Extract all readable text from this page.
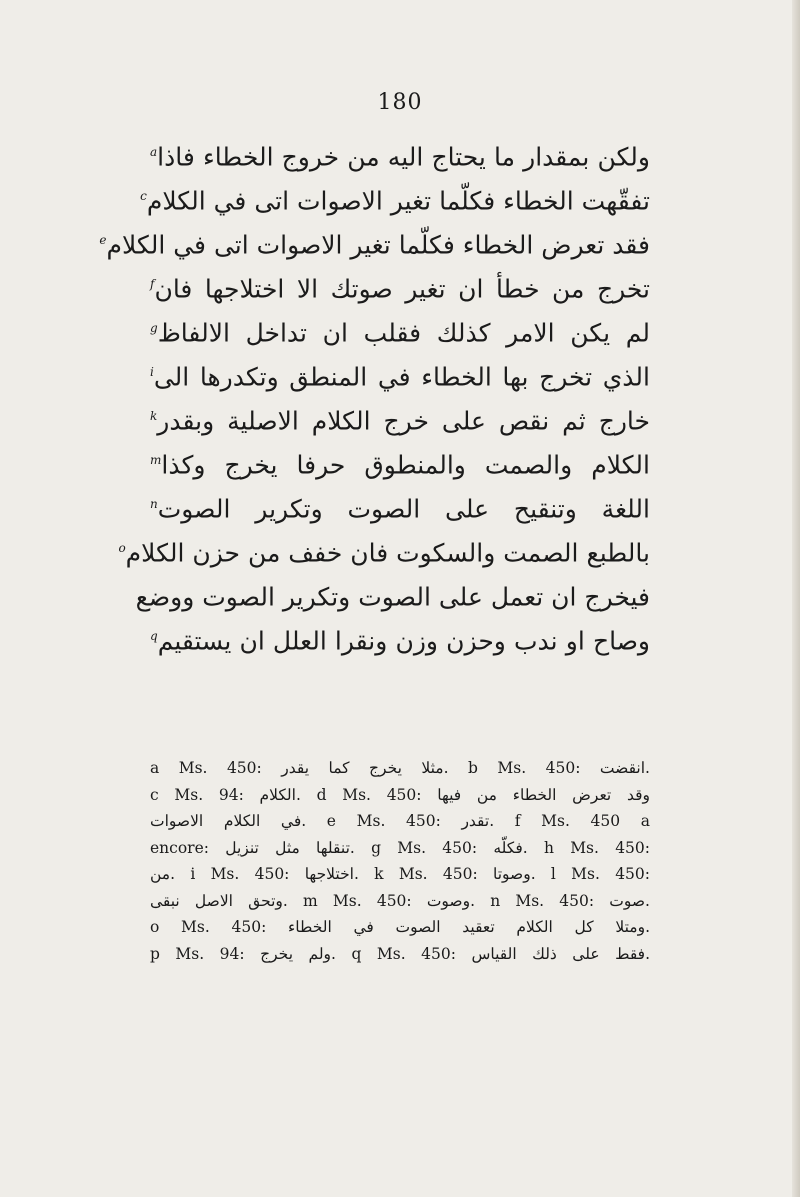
180
ولكن بمقدار ما يحتاج اليه من خروج الخطاء فاذا$^a$
تفقّهت الخطاء فكلّما تغير الاصوات اتى في الكلام$^c$
فقد تعرض الخطاء فكلّما تغير الاصوات اتى في الكلام$^e$
تخرج من خطأ ان تغير صوتك الا اختلاجها فان$^f$
لم يكن الامر كذلك فقلب ان تداخل الالفاظ$^g$
الذي تخرج بها الخطاء في المنطق وتكدرها الى$^i$
خارج ثم نقص على خرج الكلام الاصلية وبقدر$^k$
الكلام والصمت والمنطوق حرفا يخرج وكذا$^m$
اللغة وتنقيح على الصوت وتكرير الصوت$^n$
بالطبع الصمت والسكوت فان خفف من حزن الكلام$^o$
فيخرج ان تعمل على الصوت وتكرير الصوت ووضع
وصاح او ندب وحزن وزن ونقرا العلل ان يستقيم$^q$
a Ms. 450: مثلا يخرج كما يقدر. b Ms. 450: انقضت.
c Ms. 94: الكلام. d Ms. 450: وقد تعرض الخطاء من فيها
في الكلام الاصوات. e Ms. 450: تقدر. f Ms. 450 a
encore: تنقلها مثل تنزيل. g Ms. 450: فكلّه. h Ms. 450:
من. i Ms. 450: اختلاجها. k Ms. 450: وصوتا. l Ms. 450:
وتحق الاصل نبقى. m Ms. 450: وصوت. n Ms. 450: صوت.
o Ms. 450: ومتلا كل الكلام تعقيد الصوت في الخطاء.
p Ms. 94: ولم يخرج. q Ms. 450: فقط على ذلك القياس.
